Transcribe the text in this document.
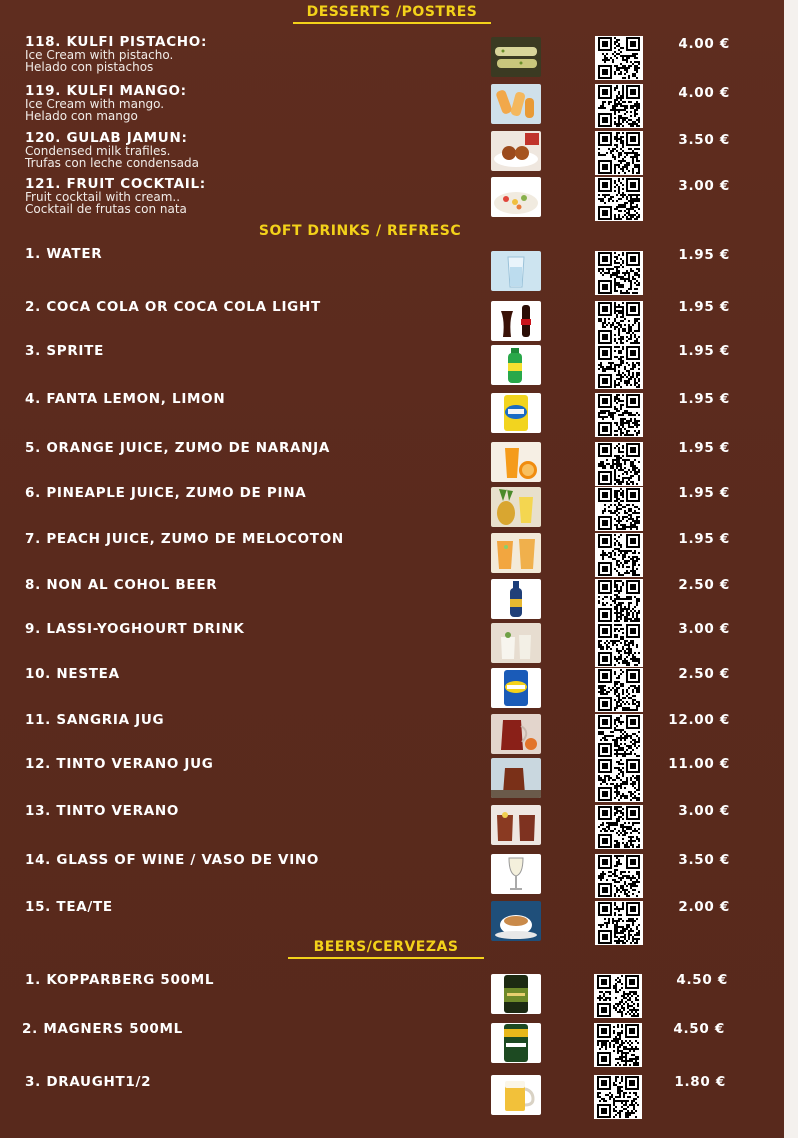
DESSERTS /POSTRES
118. KULFI PISTACHO:
Ice Cream with pistacho.
Helado con pistachos
4.00 €
119. KULFI MANGO:
Ice Cream with mango.
Helado con mango
4.00 €
120. GULAB JAMUN:
Condensed milk trafiles.
Trufas con leche condensada
3.50 €
121. FRUIT COCKTAIL:
Fruit cocktail with cream..
Cocktail de frutas con nata
3.00 €
SOFT DRINKS / REFRESC
1. WATER	1.95 €
2. COCA COLA OR COCA COLA LIGHT	1.95 €
3. SPRITE	1.95 €
4. FANTA LEMON, LIMON	1.95 €
5. ORANGE JUICE, ZUMO DE NARANJA	1.95 €
6. PINEAPLE JUICE, ZUMO DE PINA	1.95 €
7. PEACH JUICE, ZUMO DE MELOCOTON	1.95 €
8. NON AL COHOL BEER	2.50 €
9. LASSI-YOGHOURT DRINK	3.00 €
10. NESTEA	2.50 €
11. SANGRIA JUG	12.00 €
12. TINTO VERANO JUG	11.00 €
13. TINTO VERANO	3.00 €
14. GLASS OF WINE / VASO DE VINO	3.50 €
15. TEA/TE	2.00 €
BEERS/CERVEZAS
1. KOPPARBERG 500ML	4.50 €
2. MAGNERS 500ML	4.50 €
3. DRAUGHT1/2	1.80 €
